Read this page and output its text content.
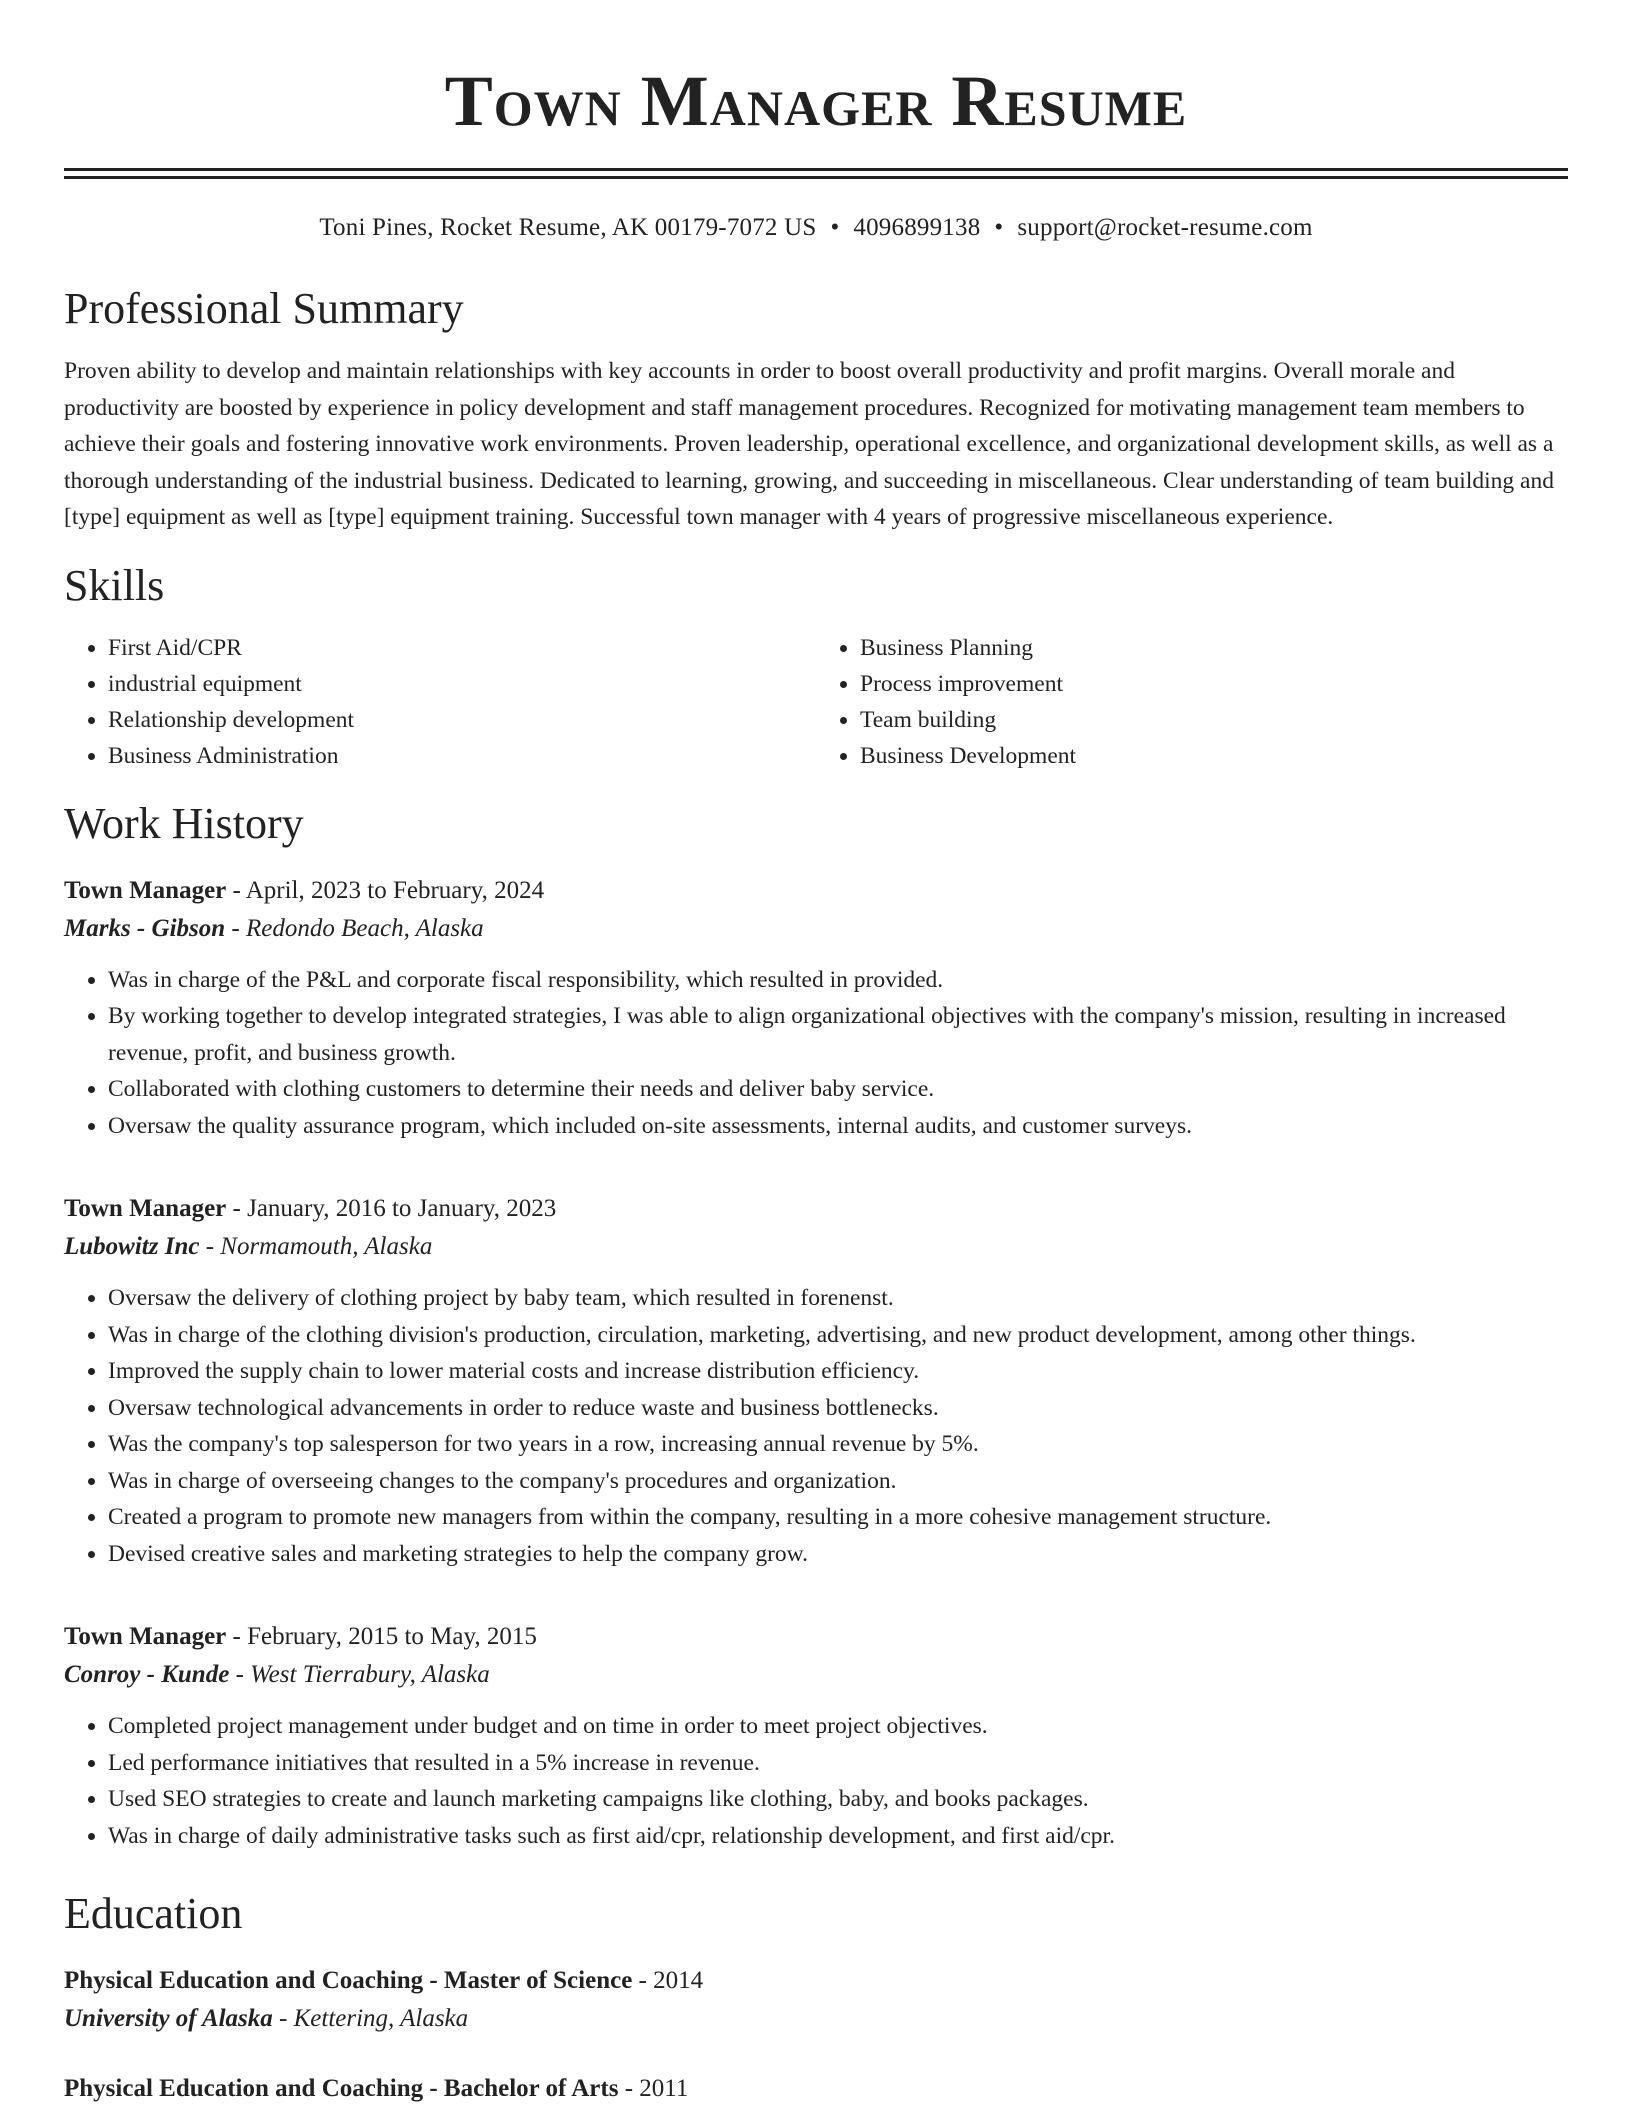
Town Manager Resume
Toni Pines, Rocket Resume, AK 00179-7072 US • 4096899138 • support@rocket-resume.com
Professional Summary

Proven ability to develop and maintain relationships with key accounts in order to boost overall productivity and profit margins. Overall morale and productivity are boosted by experience in policy development and staff management procedures. Recognized for motivating management team members to achieve their goals and fostering innovative work environments. Proven leadership, operational excellence, and organizational development skills, as well as a thorough understanding of the industrial business. Dedicated to learning, growing, and succeeding in miscellaneous. Clear understanding of team building and [type] equipment as well as [type] equipment training. Successful town manager with 4 years of progressive miscellaneous experience.

Skills
• First Aid/CPR
• industrial equipment
• Relationship development
• Business Administration
• Business Planning
• Process improvement
• Team building
• Business Development
Work History
Town Manager - April, 2023 to February, 2024
Marks - Gibson - Redondo Beach, Alaska
• Was in charge of the P&L and corporate fiscal responsibility, which resulted in provided.
• By working together to develop integrated strategies, I was able to align organizational objectives with the company's mission, resulting in increased revenue, profit, and business growth.
• Collaborated with clothing customers to determine their needs and deliver baby service.
• Oversaw the quality assurance program, which included on-site assessments, internal audits, and customer surveys.
Town Manager - January, 2016 to January, 2023
Lubowitz Inc - Normamouth, Alaska
• Oversaw the delivery of clothing project by baby team, which resulted in forenenst.
• Was in charge of the clothing division's production, circulation, marketing, advertising, and new product development, among other things.
• Improved the supply chain to lower material costs and increase distribution efficiency.
• Oversaw technological advancements in order to reduce waste and business bottlenecks.
• Was the company's top salesperson for two years in a row, increasing annual revenue by 5%.
• Was in charge of overseeing changes to the company's procedures and organization.
• Created a program to promote new managers from within the company, resulting in a more cohesive management structure.
• Devised creative sales and marketing strategies to help the company grow.
Town Manager - February, 2015 to May, 2015
Conroy - Kunde - West Tierrabury, Alaska
• Completed project management under budget and on time in order to meet project objectives.
• Led performance initiatives that resulted in a 5% increase in revenue.
• Used SEO strategies to create and launch marketing campaigns like clothing, baby, and books packages.
• Was in charge of daily administrative tasks such as first aid/cpr, relationship development, and first aid/cpr.
Education
Physical Education and Coaching - Master of Science - 2014
University of Alaska - Kettering, Alaska
Physical Education and Coaching - Bachelor of Arts - 2011
